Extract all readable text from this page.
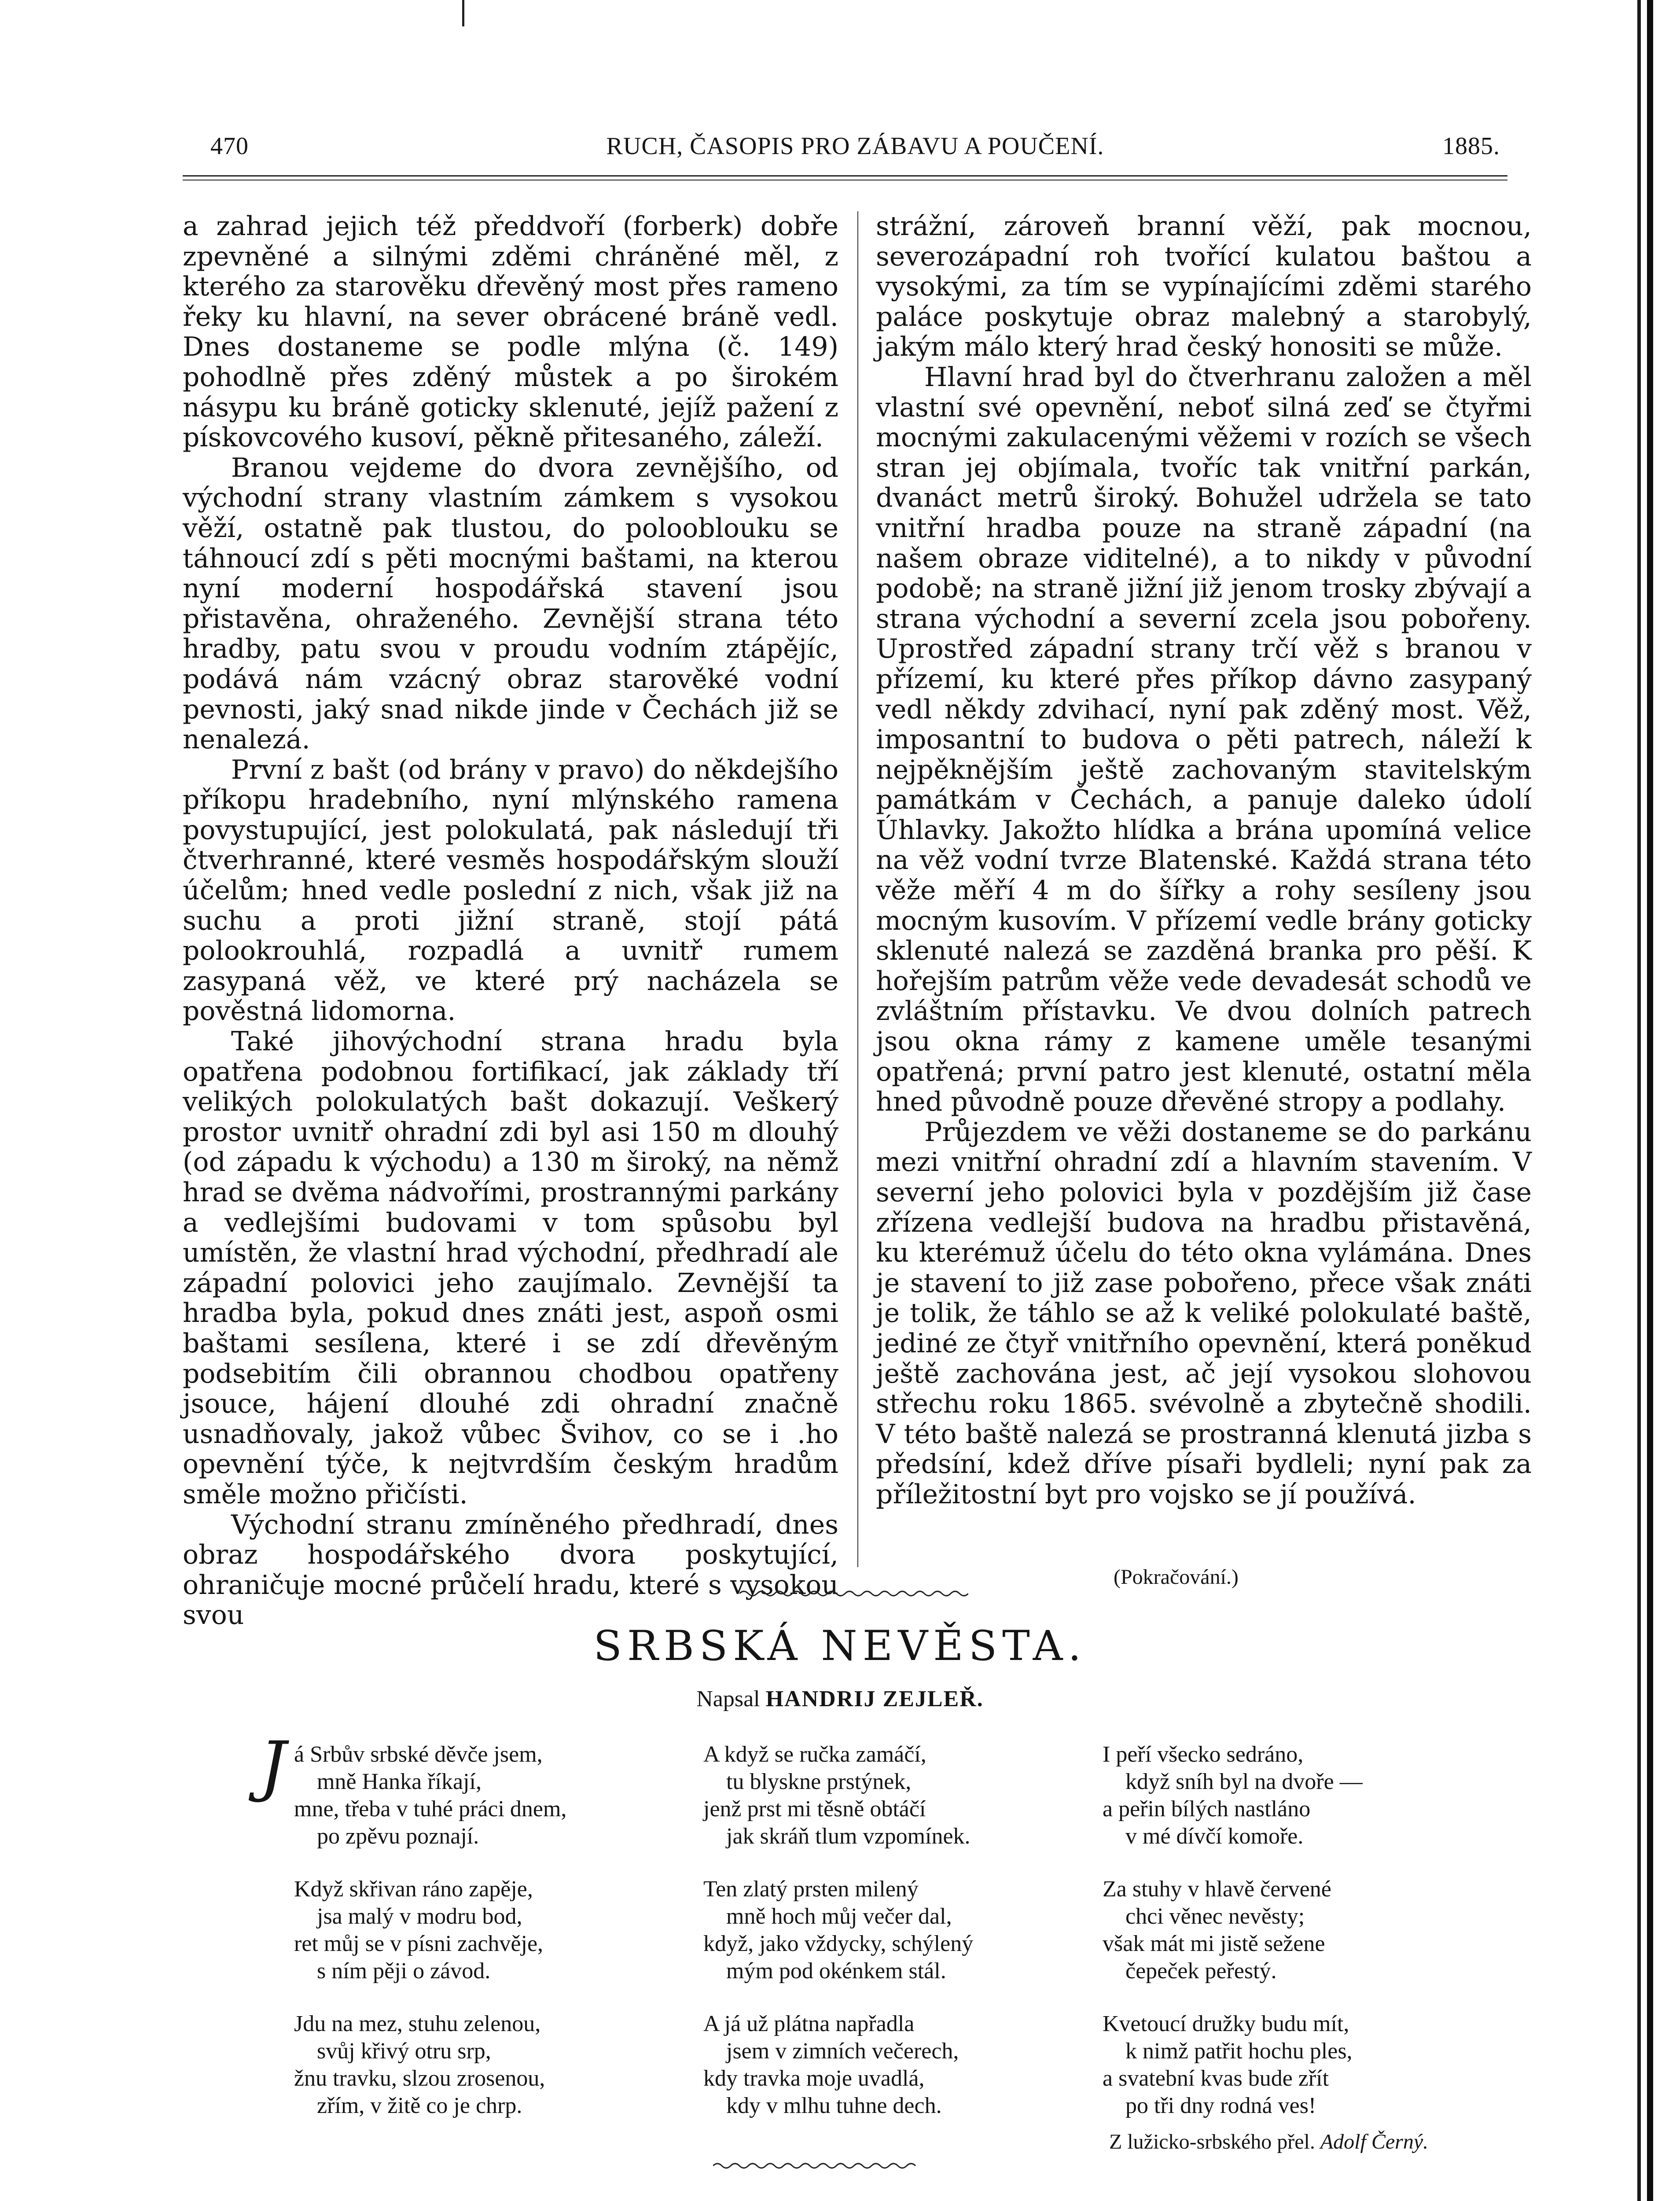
470	RUCH, ČASOPIS PRO ZÁBAVU A POUČENÍ.	1885.

a zahrad jejich též předdvoří (forberk) dobře zpevněné a silnými zděmi chráněné měl, z kterého za starověku dřevěný most přes rameno řeky ku hlavní, na sever obrácené bráně vedl. Dnes dostaneme se podle mlýna (č. 149) pohodlně přes zděný můstek a po širokém násypu ku bráně goticky sklenuté, jejíž pažení z pískovcového kusoví, pěkně přitesaného, záleží.

Branou vejdeme do dvora zevnějšího, od východní strany vlastním zámkem s vysokou věží, ostatně pak tlustou, do polooblouku se táhnoucí zdí s pěti mocnými baštami, na kterou nyní moderní hospodářská stavení jsou přistavěna, ohraženého. Zevnější strana této hradby, patu svou v proudu vodním ztápějíc, podává nám vzácný obraz starověké vodní pevnosti, jaký snad nikde jinde v Čechách již se nenalezá.

První z bašt (od brány v pravo) do někdejšího příkopu hradebního, nyní mlýnského ramena povystupující, jest polokulatá, pak následují tři čtverhranné, které vesměs hospodářským slouží účelům; hned vedle poslední z nich, však již na suchu a proti jižní straně, stojí pátá polookrouhlá, rozpadlá a uvnitř rumem zasypaná věž, ve které prý nacházela se pověstná lidomorna.

Také jihovýchodní strana hradu byla opatřena podobnou fortifikací, jak základy tří velikých polokulatých bašt dokazují. Veškerý prostor uvnitř ohradní zdi byl asi 150 m dlouhý (od západu k východu) a 130 m široký, na němž hrad se dvěma nádvořími, prostrannými parkány a vedlejšími budovami v tom spůsobu byl umístěn, že vlastní hrad východní, předhradí ale západní polovici jeho zaujímalo. Zevnější ta hradba byla, pokud dnes znáti jest, aspoň osmi baštami sesílena, které i se zdí dřevěným podsebitím čili obrannou chodbou opatřeny jsouce, hájení dlouhé zdi ohradní značně usnadňovaly, jakož vůbec Švihov, co se i .ho opevnění týče, k nejtvrdším českým hradům směle možno přičísti.

Východní stranu zmíněného předhradí, dnes obraz hospodářského dvora poskytující, ohraničuje mocné průčelí hradu, které s vysokou svou

strážní, zároveň branní věží, pak mocnou, severozápadní roh tvořící kulatou baštou a vysokými, za tím se vypínajícími zděmi starého paláce poskytuje obraz malebný a starobylý, jakým málo který hrad český honositi se může.

Hlavní hrad byl do čtverhranu založen a měl vlastní své opevnění, neboť silná zeď se čtyřmi mocnými zakulacenými věžemi v rozích se všech stran jej objímala, tvoříc tak vnitřní parkán, dvanáct metrů široký. Bohužel udržela se tato vnitřní hradba pouze na straně západní (na našem obraze viditelné), a to nikdy v původní podobě; na straně jižní již jenom trosky zbývají a strana východní a severní zcela jsou pobořeny. Uprostřed západní strany trčí věž s branou v přízemí, ku které přes příkop dávno zasypaný vedl někdy zdvihací, nyní pak zděný most. Věž, imposantní to budova o pěti patrech, náleží k nejpěknějším ještě zachovaným stavitelským památkám v Čechách, a panuje daleko údolí Úhlavky. Jakožto hlídka a brána upomíná velice na věž vodní tvrze Blatenské. Každá strana této věže měří 4 m do šířky a rohy sesíleny jsou mocným kusovím. V přízemí vedle brány goticky sklenuté nalezá se zazděná branka pro pěší. K hořejším patrům věže vede devadesát schodů ve zvláštním přístavku. Ve dvou dolních patrech jsou okna rámy z kamene uměle tesanými opatřená; první patro jest klenuté, ostatní měla hned původně pouze dřevěné stropy a podlahy.

Průjezdem ve věži dostaneme se do parkánu mezi vnitřní ohradní zdí a hlavním stavením. V severní jeho polovici byla v pozdějším již čase zřízena vedlejší budova na hradbu přistavěná, ku kterémuž účelu do této okna vylámána. Dnes je stavení to již zase pobořeno, přece však znáti je tolik, že táhlo se až k veliké polokulaté baště, jediné ze čtyř vnitřního opevnění, která poněkud ještě zachována jest, ač její vysokou slohovou střechu roku 1865. svévolně a zbytečně shodili. V této baště nalezá se prostranná klenutá jizba s předsíní, kdež dříve písaři bydleli; nyní pak za příležitostní byt pro vojsko se jí používá.

(Pokračování.)
SRBSKÁ NEVĚSTA.
Napsal HANDRIJ ZEJLEŘ.
J á Srbův srbské děvče jsem,
mně Hanka říkají,
mne, třeba v tuhé práci dnem,
po zpěvu poznají.
Když skřivan ráno zapěje,
jsa malý v modru bod,
ret můj se v písni zachvěje,
s ním pěji o závod.
Jdu na mez, stuhu zelenou,
svůj křivý otru srp,
žnu travku, slzou zrosenou,
zřím, v žitě co je chrp.
A když se ručka zamáčí,
tu blyskne prstýnek,
jenž prst mi těsně obtáčí
jak skráň tlum vzpomínek.
Ten zlatý prsten milený
mně hoch můj večer dal,
když, jako vždycky, schýlený
mým pod okénkem stál.
A já už plátna napřadla
jsem v zimních večerech,
kdy travka moje uvadlá,
kdy v mlhu tuhne dech.
I peří všecko sedráno,
když sníh byl na dvoře —
a peřin bílých nastláno
v mé dívčí komoře.
Za stuhy v hlavě červené
chci věnec nevěsty;
však mát mi jistě sežene
čepeček peřestý.
Kvetoucí družky budu mít,
k nimž patřit hochu ples,
a svatební kvas bude zřít
po tři dny rodná ves!
Z lužicko-srbského přel. Adolf Černý.
